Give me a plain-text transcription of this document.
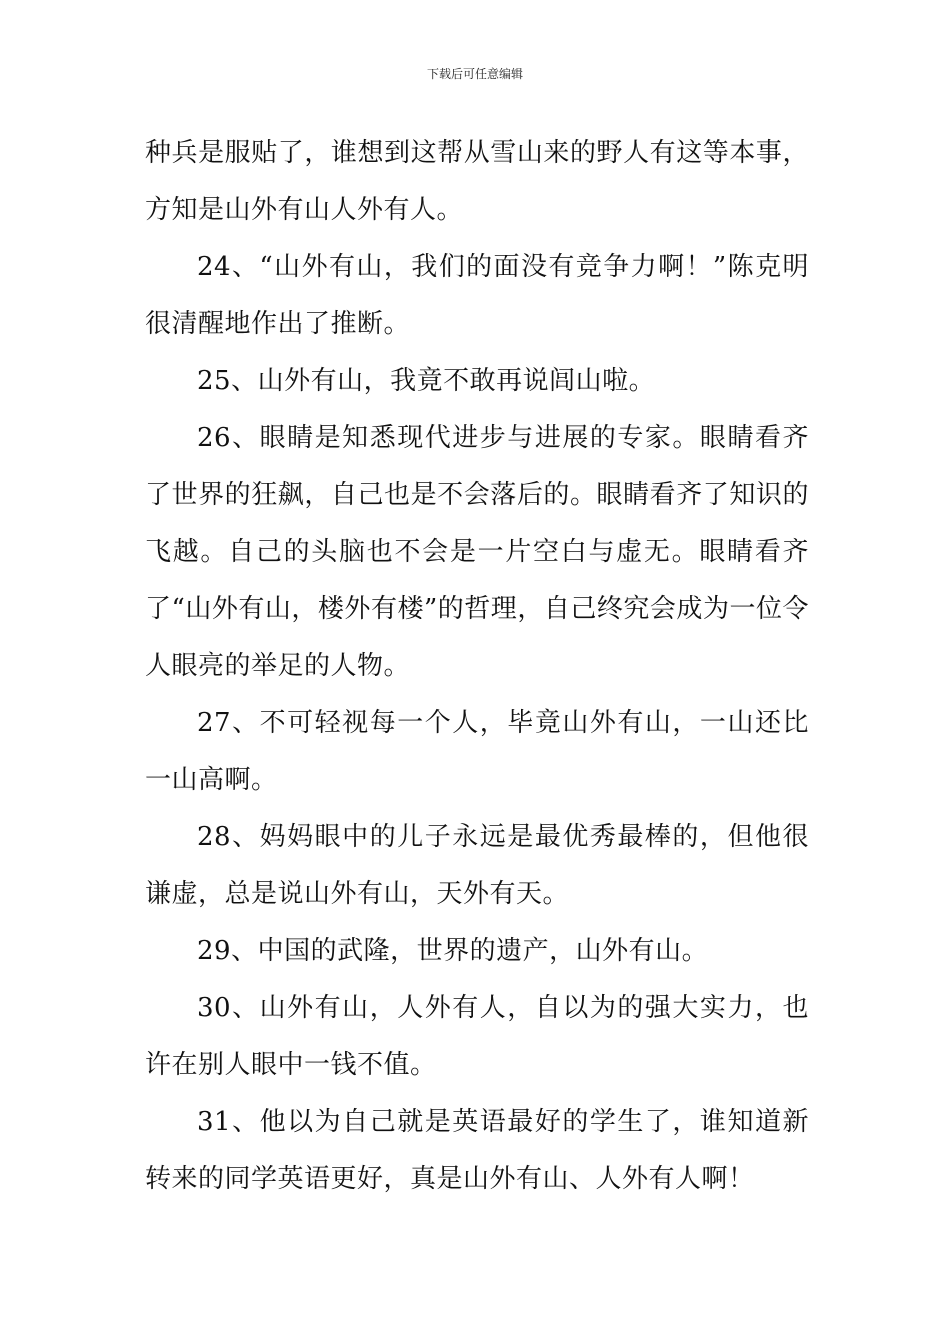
下载后可任意编辑

种兵是服贴了，谁想到这帮从雪山来的野人有这等本事，方知是山外有山人外有人。

24、“山外有山，我们的面没有竞争力啊！”陈克明很清醒地作出了推断。

25、山外有山，我竟不敢再说闾山啦。

26、眼睛是知悉现代进步与进展的专家。眼睛看齐了世界的狂飙，自己也是不会落后的。眼睛看齐了知识的飞越。自己的头脑也不会是一片空白与虚无。眼睛看齐了“山外有山，楼外有楼”的哲理，自己终究会成为一位令人眼亮的举足的人物。

27、不可轻视每一个人，毕竟山外有山，一山还比一山高啊。

28、妈妈眼中的儿子永远是最优秀最棒的，但他很谦虚，总是说山外有山，天外有天。

29、中国的武隆，世界的遗产，山外有山。

30、山外有山，人外有人，自以为的强大实力，也许在别人眼中一钱不值。

31、他以为自己就是英语最好的学生了，谁知道新转来的同学英语更好，真是山外有山、人外有人啊！
